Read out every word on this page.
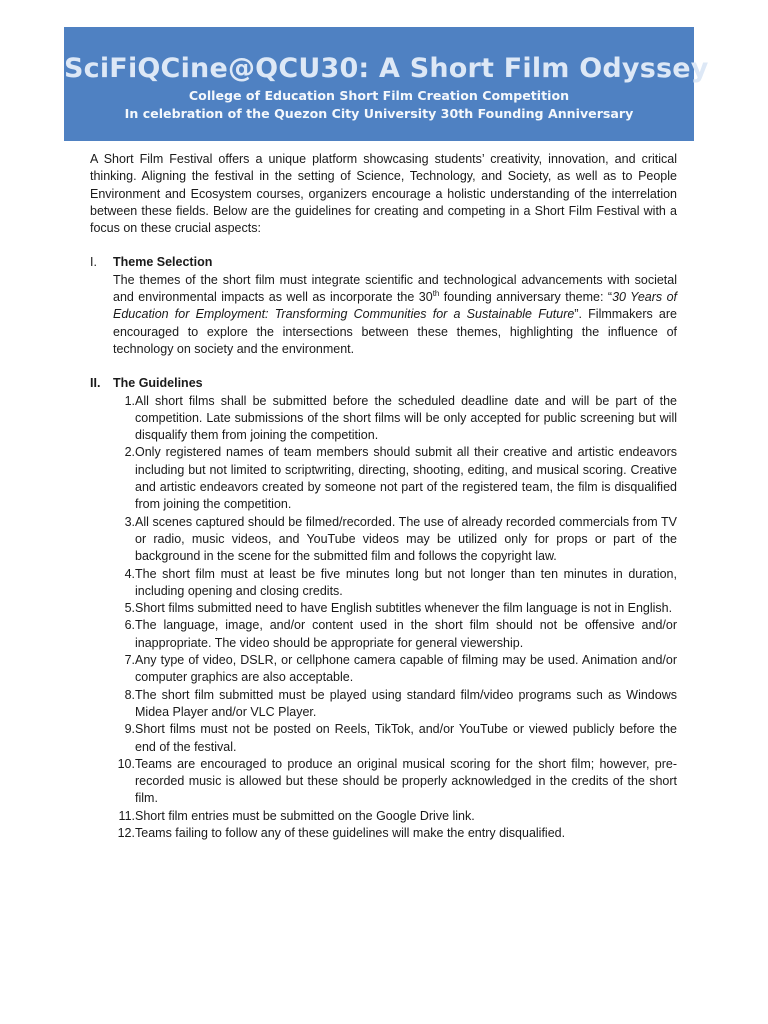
SciFiQCine@QCU30: A Short Film Odyssey
College of Education Short Film Creation Competition
In celebration of the Quezon City University 30th Founding Anniversary

A Short Film Festival offers a unique platform showcasing students’ creativity, innovation, and critical thinking. Aligning the festival in the setting of Science, Technology, and Society, as well as to People Environment and Ecosystem courses, organizers encourage a holistic understanding of the interrelation between these fields. Below are the guidelines for creating and competing in a Short Film Festival with a focus on these crucial aspects:

I.	Theme Selection
The themes of the short film must integrate scientific and technological advancements with societal and environmental impacts as well as incorporate the 30th founding anniversary theme: “30 Years of Education for Employment: Transforming Communities for a Sustainable Future”. Filmmakers are encouraged to explore the intersections between these themes, highlighting the influence of technology on society and the environment.
II.	The Guidelines
1. All short films shall be submitted before the scheduled deadline date and will be part of the competition. Late submissions of the short films will be only accepted for public screening but will disqualify them from joining the competition.
2. Only registered names of team members should submit all their creative and artistic endeavors including but not limited to scriptwriting, directing, shooting, editing, and musical scoring. Creative and artistic endeavors created by someone not part of the registered team, the film is disqualified from joining the competition.
3. All scenes captured should be filmed/recorded. The use of already recorded commercials from TV or radio, music videos, and YouTube videos may be utilized only for props or part of the background in the scene for the submitted film and follows the copyright law.
4. The short film must at least be five minutes long but not longer than ten minutes in duration, including opening and closing credits.
5. Short films submitted need to have English subtitles whenever the film language is not in English.
6. The language, image, and/or content used in the short film should not be offensive and/or inappropriate. The video should be appropriate for general viewership.
7. Any type of video, DSLR, or cellphone camera capable of filming may be used. Animation and/or computer graphics are also acceptable.
8. The short film submitted must be played using standard film/video programs such as Windows Midea Player and/or VLC Player.
9. Short films must not be posted on Reels, TikTok, and/or YouTube or viewed publicly before the end of the festival.
10. Teams are encouraged to produce an original musical scoring for the short film; however, pre-recorded music is allowed but these should be properly acknowledged in the credits of the short film.
11. Short film entries must be submitted on the Google Drive link.
12. Teams failing to follow any of these guidelines will make the entry disqualified.
